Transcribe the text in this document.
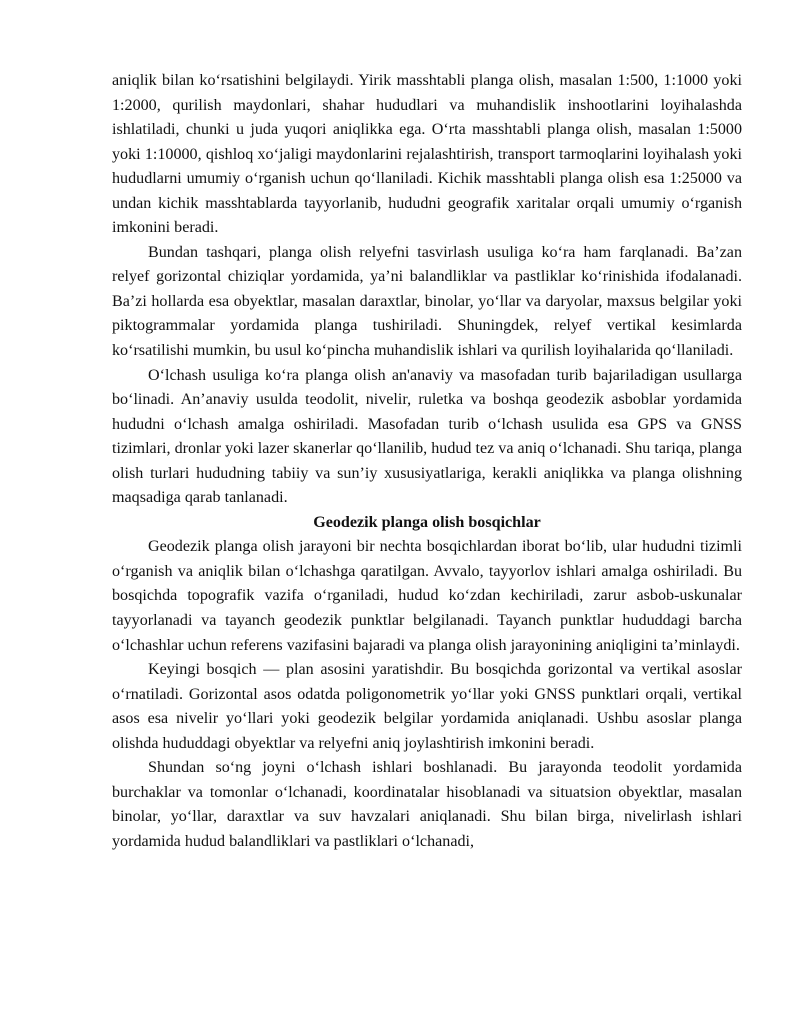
aniqlik bilan ko‘rsatishini belgilaydi. Yirik masshtabli planga olish, masalan 1:500, 1:1000 yoki 1:2000, qurilish maydonlari, shahar hududlari va muhandislik inshootlarini loyihalashda ishlatiladi, chunki u juda yuqori aniqlikka ega. O‘rta masshtabli planga olish, masalan 1:5000 yoki 1:10000, qishloq xo‘jaligi maydonlarini rejalashtirish, transport tarmoqlarini loyihalash yoki hududlarni umumiy o‘rganish uchun qo‘llaniladi. Kichik masshtabli planga olish esa 1:25000 va undan kichik masshtablarda tayyorlanib, hududni geografik xaritalar orqali umumiy o‘rganish imkonini beradi.

Bundan tashqari, planga olish relyefni tasvirlash usuliga ko‘ra ham farqlanadi. Ba’zan relyef gorizontal chiziqlar yordamida, ya’ni balandliklar va pastliklar ko‘rinishida ifodalanadi. Ba’zi hollarda esa obyektlar, masalan daraxtlar, binolar, yo‘llar va daryolar, maxsus belgilar yoki piktogrammalar yordamida planga tushiriladi. Shuningdek, relyef vertikal kesimlarda ko‘rsatilishi mumkin, bu usul ko‘pincha muhandislik ishlari va qurilish loyihalarida qo‘llaniladi.

O‘lchash usuliga ko‘ra planga olish an'anaviy va masofadan turib bajariladigan usullarga bo‘linadi. An’anaviy usulda teodolit, nivelir, ruletka va boshqa geodezik asboblar yordamida hududni o‘lchash amalga oshiriladi. Masofadan turib o‘lchash usulida esa GPS va GNSS tizimlari, dronlar yoki lazer skanerlar qo‘llanilib, hudud tez va aniq o‘lchanadi. Shu tariqa, planga olish turlari hududning tabiiy va sun’iy xususiyatlariga, kerakli aniqlikka va planga olishning maqsadiga qarab tanlanadi.

Geodezik planga olish bosqichlar

Geodezik planga olish jarayoni bir nechta bosqichlardan iborat bo‘lib, ular hududni tizimli o‘rganish va aniqlik bilan o‘lchashga qaratilgan. Avvalo, tayyorlov ishlari amalga oshiriladi. Bu bosqichda topografik vazifa o‘rganiladi, hudud ko‘zdan kechiriladi, zarur asbob-uskunalar tayyorlanadi va tayanch geodezik punktlar belgilanadi. Tayanch punktlar hududdagi barcha o‘lchashlar uchun referens vazifasini bajaradi va planga olish jarayonining aniqligini ta’minlaydi.

Keyingi bosqich — plan asosini yaratishdir. Bu bosqichda gorizontal va vertikal asoslar o‘rnatiladi. Gorizontal asos odatda poligonometrik yo‘llar yoki GNSS punktlari orqali, vertikal asos esa nivelir yo‘llari yoki geodezik belgilar yordamida aniqlanadi. Ushbu asoslar planga olishda hududdagi obyektlar va relyefni aniq joylashtirish imkonini beradi.

Shundan so‘ng joyni o‘lchash ishlari boshlanadi. Bu jarayonda teodolit yordamida burchaklar va tomonlar o‘lchanadi, koordinatalar hisoblanadi va situatsion obyektlar, masalan binolar, yo‘llar, daraxtlar va suv havzalari aniqlanadi. Shu bilan birga, nivelirlash ishlari yordamida hudud balandliklari va pastliklari o‘lchanadi,
